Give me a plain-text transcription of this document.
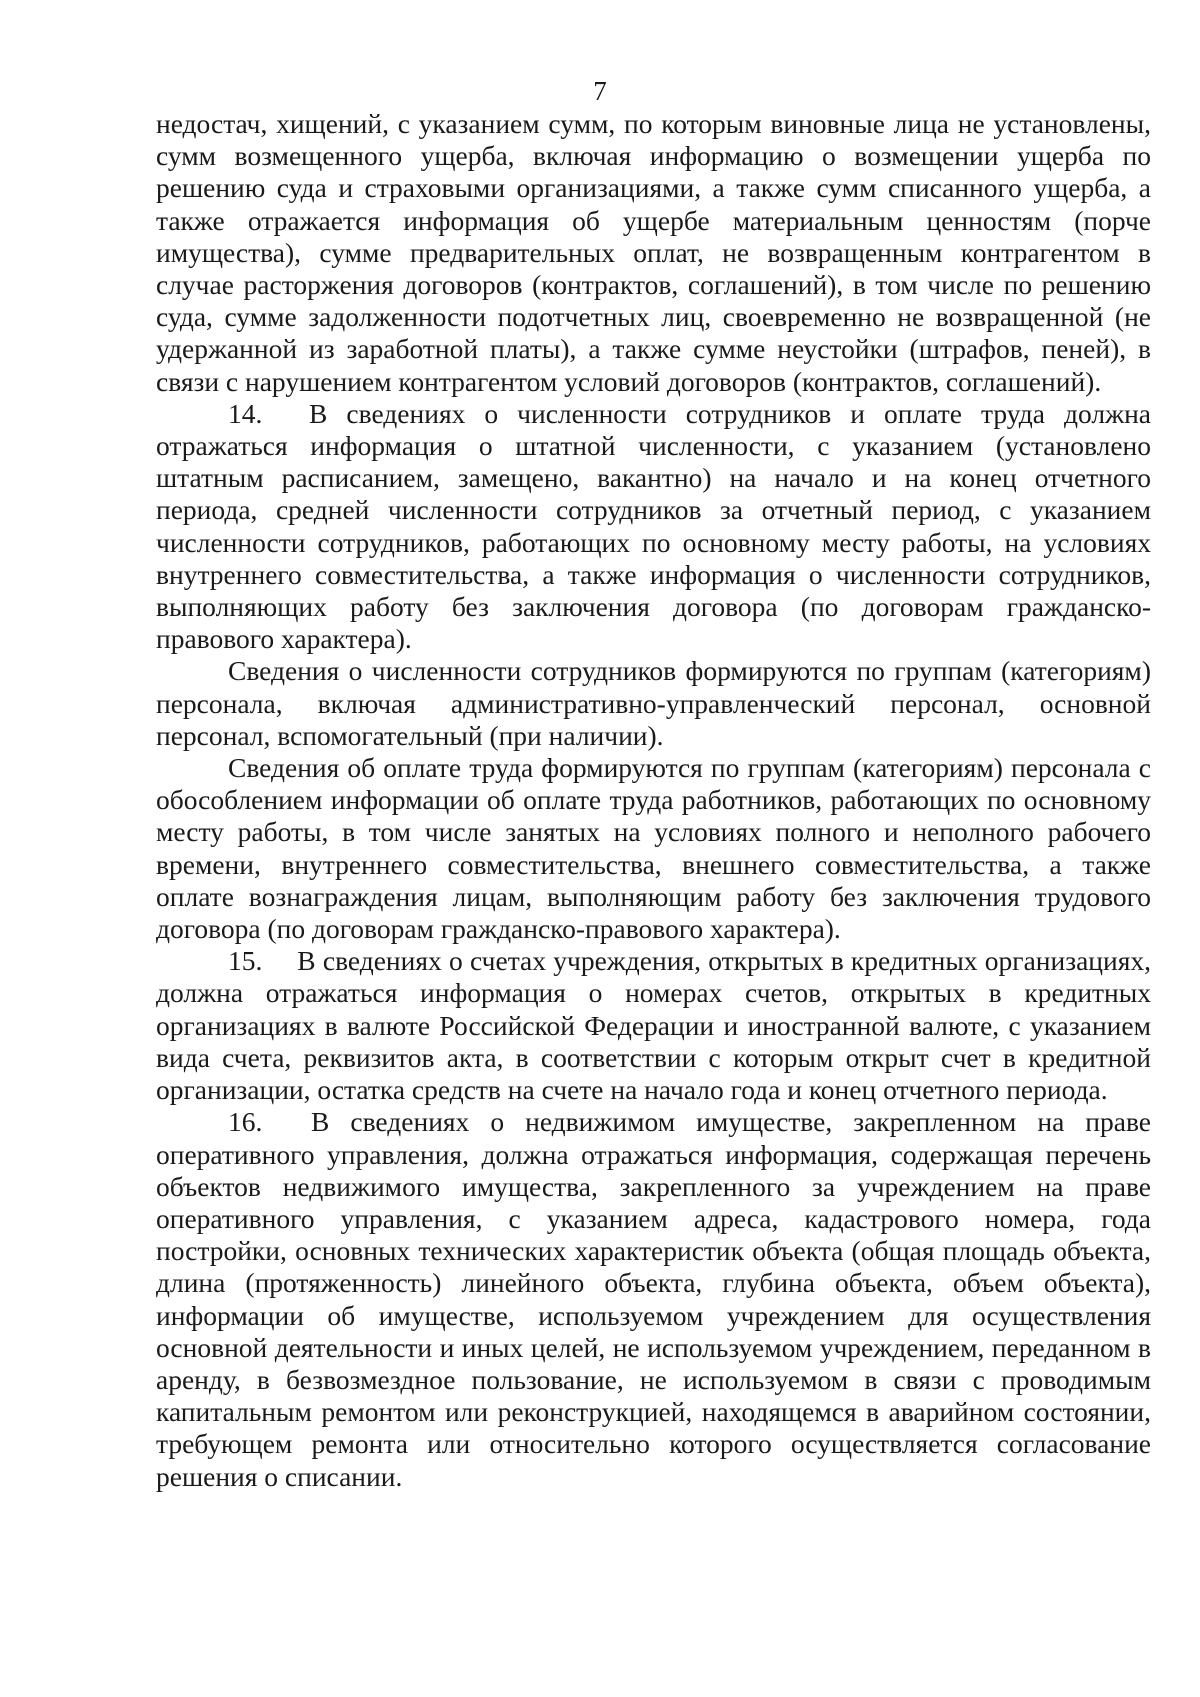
7

недостач, хищений, с указанием сумм, по которым виновные лица не установлены, сумм возмещенного ущерба, включая информацию о возмещении ущерба по решению суда и страховыми организациями, а также сумм списанного ущерба, а также отражается информация об ущербе материальным ценностям (порче имущества), сумме предварительных оплат, не возвращенным контрагентом в случае расторжения договоров (контрактов, соглашений), в том числе по решению суда, сумме задолженности подотчетных лиц, своевременно не возвращенной (не удержанной из заработной платы), а также сумме неустойки (штрафов, пеней), в связи с нарушением контрагентом условий договоров (контрактов, соглашений).

14. В сведениях о численности сотрудников и оплате труда должна отражаться информация о штатной численности, с указанием (установлено штатным расписанием, замещено, вакантно) на начало и на конец отчетного периода, средней численности сотрудников за отчетный период, с указанием численности сотрудников, работающих по основному месту работы, на условиях внутреннего совместительства, а также информация о численности сотрудников, выполняющих работу без заключения договора (по договорам гражданско-правового характера).

Сведения о численности сотрудников формируются по группам (категориям) персонала, включая административно-управленческий персонал, основной персонал, вспомогательный (при наличии).

Сведения об оплате труда формируются по группам (категориям) персонала с обособлением информации об оплате труда работников, работающих по основному месту работы, в том числе занятых на условиях полного и неполного рабочего времени, внутреннего совместительства, внешнего совместительства, а также оплате вознаграждения лицам, выполняющим работу без заключения трудового договора (по договорам гражданско-правового характера).

15. В сведениях о счетах учреждения, открытых в кредитных организациях, должна отражаться информация о номерах счетов, открытых в кредитных организациях в валюте Российской Федерации и иностранной валюте, с указанием вида счета, реквизитов акта, в соответствии с которым открыт счет в кредитной организации, остатка средств на счете на начало года и конец отчетного периода.

16. В сведениях о недвижимом имуществе, закрепленном на праве оперативного управления, должна отражаться информация, содержащая перечень объектов недвижимого имущества, закрепленного за учреждением на праве оперативного управления, с указанием адреса, кадастрового номера, года постройки, основных технических характеристик объекта (общая площадь объекта, длина (протяженность) линейного объекта, глубина объекта, объем объекта), информации об имуществе, используемом учреждением для осуществления основной деятельности и иных целей, не используемом учреждением, переданном в аренду, в безвозмездное пользование, не используемом в связи с проводимым капитальным ремонтом или реконструкцией, находящемся в аварийном состоянии, требующем ремонта или относительно которого осуществляется согласование решения о списании.
